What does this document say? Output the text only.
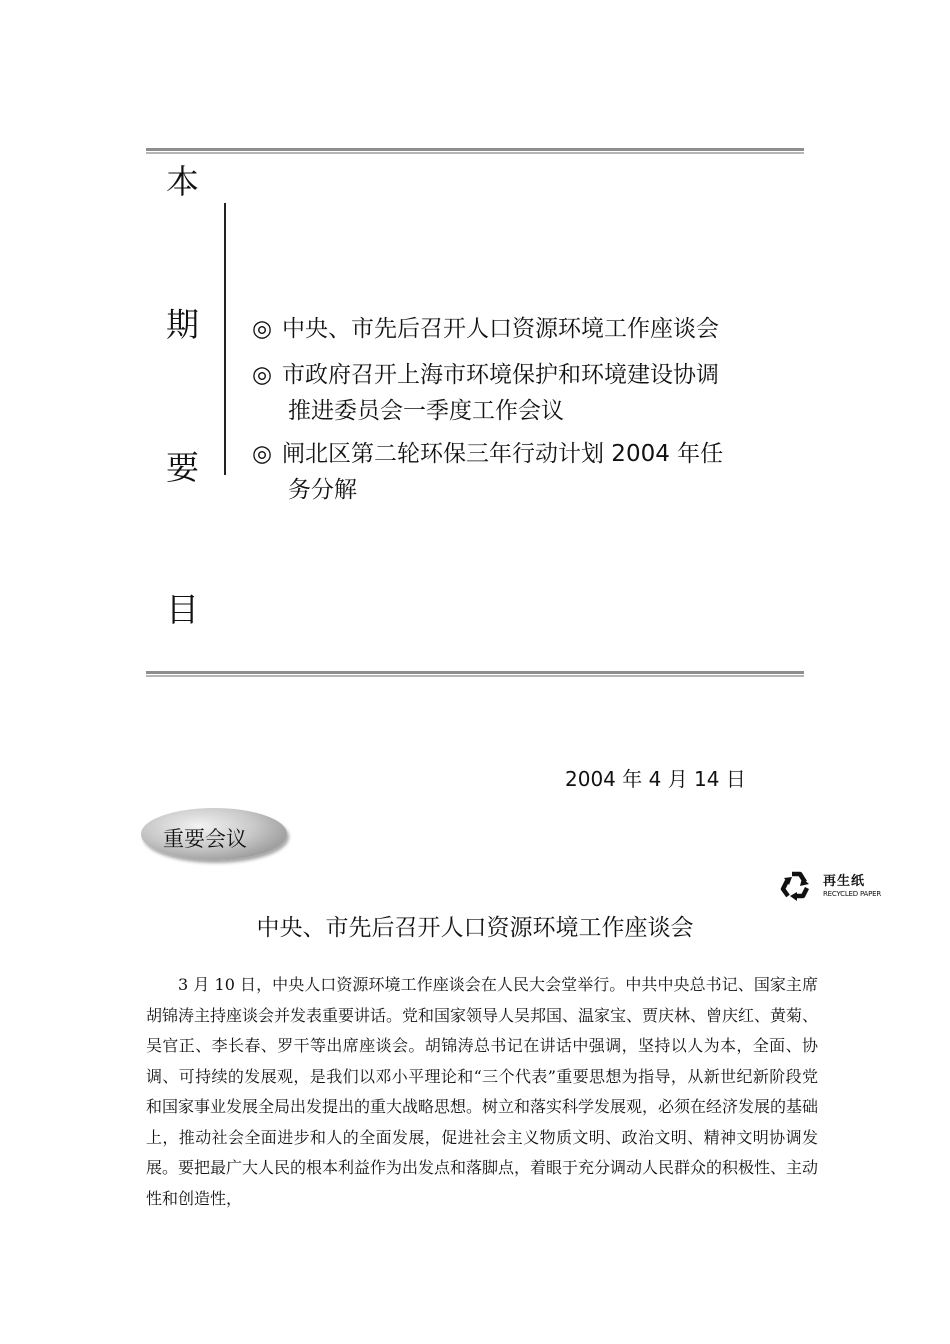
本
期
要
目
◎ 中央、市先后召开人口资源环境工作座谈会
◎ 市政府召开上海市环境保护和环境建设协调
推进委员会一季度工作会议
◎ 闸北区第二轮环保三年行动计划 2004 年任
务分解
2004 年 4 月 14 日
重要会议
再生纸
RECYCLED PAPER
中央、市先后召开人口资源环境工作座谈会
3 月 10 日，中央人口资源环境工作座谈会在人民大会堂举行。中共中央总书记、国家主席胡锦涛主持座谈会并发表重要讲话。党和国家领导人吴邦国、温家宝、贾庆林、曾庆红、黄菊、吴官正、李长春、罗干等出席座谈会。胡锦涛总书记在讲话中强调，坚持以人为本，全面、协调、可持续的发展观，是我们以邓小平理论和“三个代表”重要思想为指导，从新世纪新阶段党和国家事业发展全局出发提出的重大战略思想。树立和落实科学发展观，必须在经济发展的基础上，推动社会全面进步和人的全面发展，促进社会主义物质文明、政治文明、精神文明协调发展。要把最广大人民的根本利益作为出发点和落脚点，着眼于充分调动人民群众的积极性、主动性和创造性，
